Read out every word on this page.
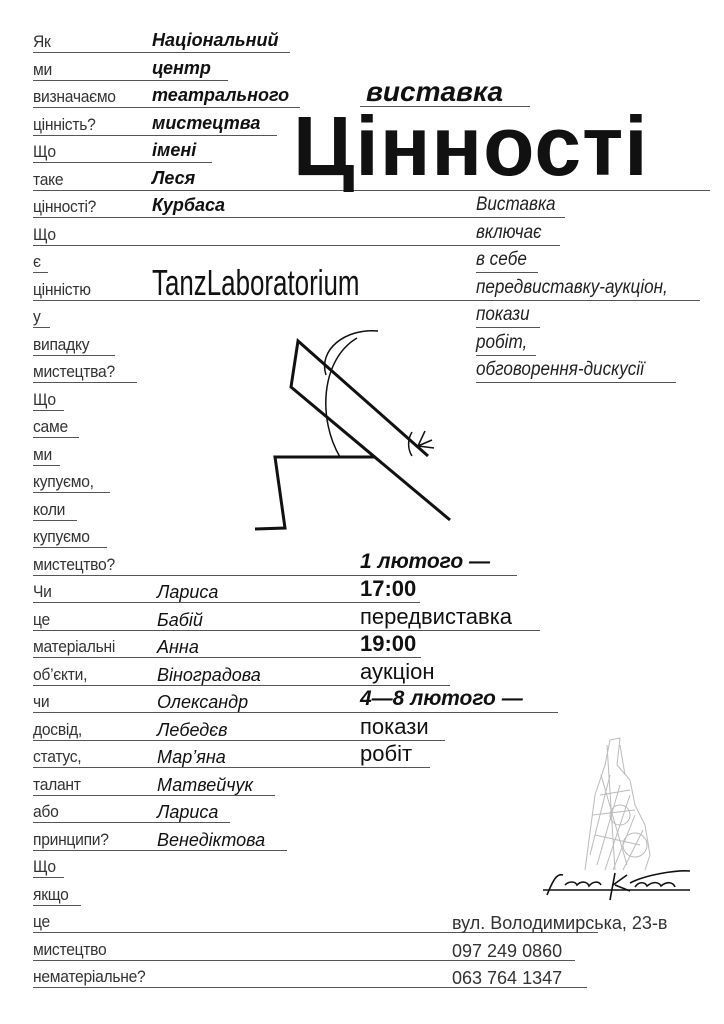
Як
ми
визначаємо
цінність?
Що
таке
цінності?
Що
є
цінністю
у
випадку
мистецтва?
Що
саме
ми
купуємо,
коли
купуємо
мистецтво?
Чи
це
матеріальні
об’єкти,
чи
досвід,
статус,
талант
або
принципи?
Що
якщо
це
мистецтво
нематеріальне?
Національний
центр
театрального
мистецтва
імені
Леся
Курбаса
виставка
Цінності
TanzLaboratorium
Виставка
включає
в себе
передвиставку-аукціон,
покази
робіт,
обговорення-дискусії
Лариса
Бабій
Анна
Віноградова
Олександр
Лебедєв
Мар’яна
Матвейчук
Лариса
Венедіктова
1 лютого —
17:00
передвиставка
19:00
аукціон
4—8 лютого —
покази
робіт
вул. Володимирська, 23-в
097 249 0860
063 764 1347
